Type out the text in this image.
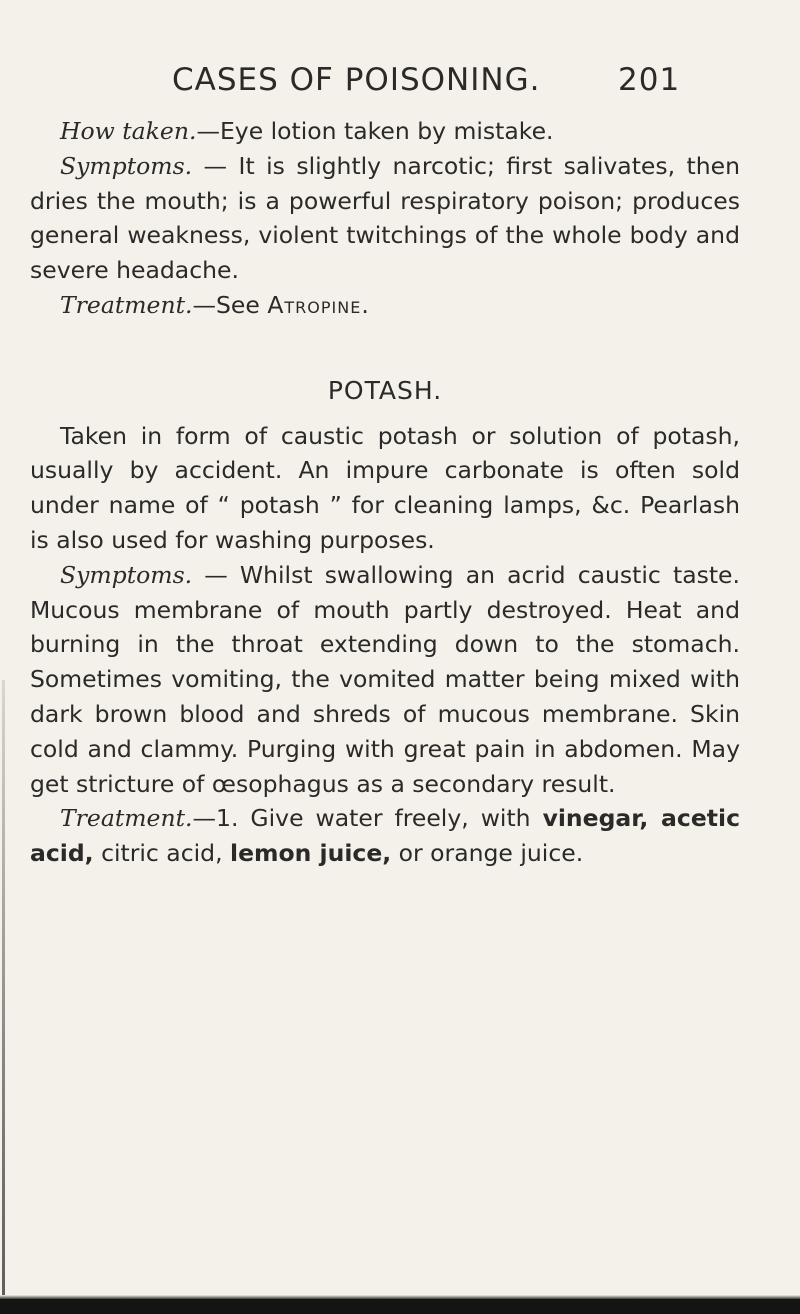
CASES OF POISONING.	201

How taken.—Eye lotion taken by mistake.

Symptoms. — It is slightly narcotic; first salivates, then dries the mouth; is a powerful respiratory poison; produces general weakness, violent twitchings of the whole body and severe headache.

Treatment.—See Atropine.

POTASH.

Taken in form of caustic potash or solution of potash, usually by accident. An impure carbonate is often sold under name of “ potash ” for cleaning lamps, &c. Pearlash is also used for washing purposes.

Symptoms. — Whilst swallowing an acrid caustic taste. Mucous membrane of mouth partly destroyed. Heat and burning in the throat extending down to the stomach. Sometimes vomiting, the vomited matter being mixed with dark brown blood and shreds of mucous membrane. Skin cold and clammy. Purging with great pain in abdomen. May get stricture of œsophagus as a secondary result.

Treatment.—1. Give water freely, with vinegar, acetic acid, citric acid, lemon juice, or orange juice.
